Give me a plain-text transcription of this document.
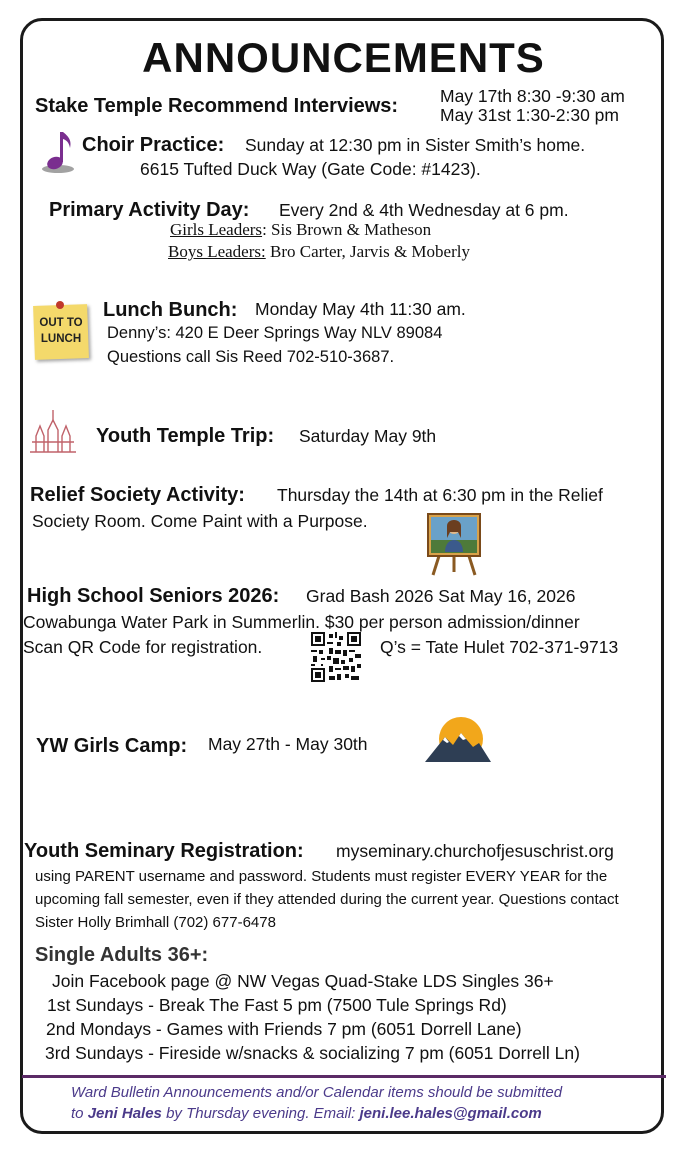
ANNOUNCEMENTS
Stake Temple Recommend Interviews: May 17th 8:30 -9:30 am
May 31st 1:30-2:30 pm
Choir Practice: Sunday at 12:30 pm in Sister Smith’s home.
6615 Tufted Duck Way (Gate Code: #1423).
Primary Activity Day: Every 2nd & 4th Wednesday at 6 pm.
Girls Leaders: Sis Brown & Matheson
Boys Leaders: Bro Carter, Jarvis & Moberly
OUT TO
LUNCH
Lunch Bunch: Monday May 4th 11:30 am.
Denny’s: 420 E Deer Springs Way NLV 89084
Questions call Sis Reed 702-510-3687.
Youth Temple Trip: Saturday May 9th
Relief Society Activity: Thursday the 14th at 6:30 pm in the Relief
Society Room. Come Paint with a Purpose.
High School Seniors 2026: Grad Bash 2026 Sat May 16, 2026
Cowabunga Water Park in Summerlin. $30 per person admission/dinner
Scan QR Code for registration.	Q’s = Tate Hulet 702-371-9713
YW Girls Camp: May 27th - May 30th
Youth Seminary Registration: myseminary.churchofjesuschrist.org
using PARENT username and password. Students must register EVERY YEAR for the
upcoming fall semester, even if they attended during the current year. Questions contact
Sister Holly Brimhall (702) 677-6478
Single Adults 36+:
Join Facebook page @ NW Vegas Quad-Stake LDS Singles 36+
1st Sundays - Break The Fast 5 pm (7500 Tule Springs Rd)
2nd Mondays - Games with Friends 7 pm (6051 Dorrell Lane)
3rd Sundays - Fireside w/snacks & socializing 7 pm (6051 Dorrell Ln)
Ward Bulletin Announcements and/or Calendar items should be submitted
to Jeni Hales by Thursday evening. Email: jeni.lee.hales@gmail.com
